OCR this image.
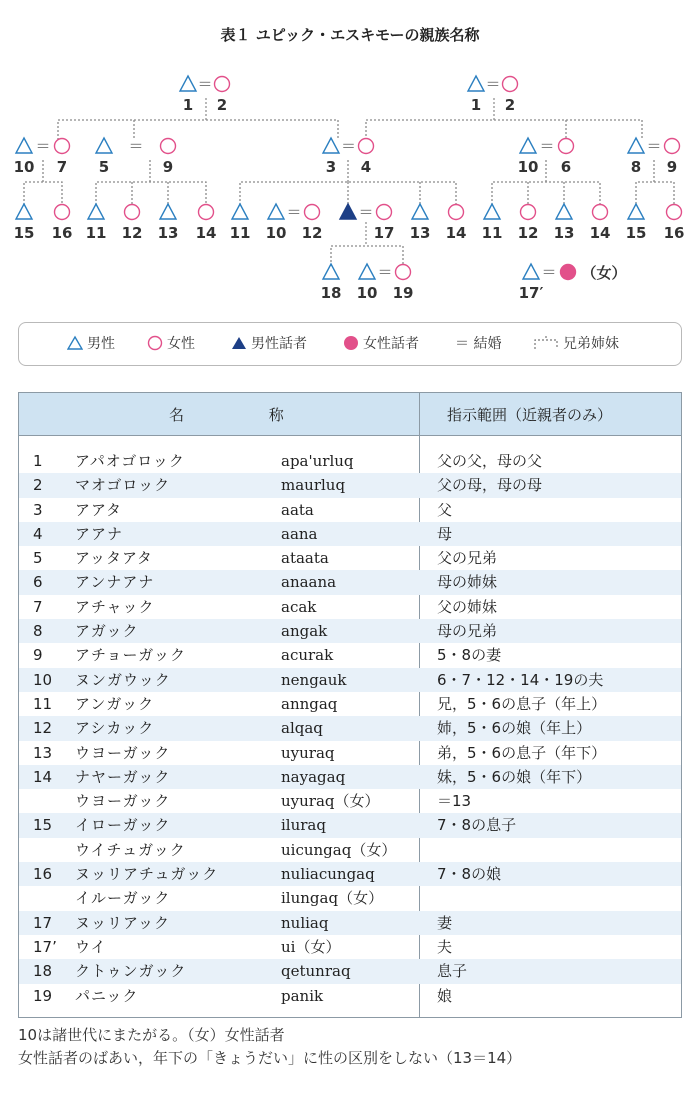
表１ ユピック・エスキモーの親族名称
＝
1 2
＝
1 2
＝
10 7
＝
5	9
＝
3 4
＝
10 6
＝
8 9
＝	＝
15 16 11 12 13 14 11 10 12	17 13 14 11 12 13 14 15 16
＝
18 10 19
＝
17′
（女）
男性	女性	男性話者	女性話者	＝ 結婚	兄弟姉妹
名 称	指示範囲（近親者のみ）
1 アパオゴロック	apa'urluq	父の父，母の父
2 マオゴロック	maurluq	父の母，母の母
3 アアタ	aata	父
4 アアナ	aana	母
5 アッタアタ	ataata	父の兄弟
6 アンナアナ	anaana	母の姉妹
7 アチャック	acak	父の姉妹
8 アガック	angak	母の兄弟
9 アチョーガック	acurak	5・8の妻
10 ヌンガウック	nengauk	6・7・12・14・19の夫
11 アンガック	anngaq	兄，5・6の息子（年上）
12 アシカック	alqaq	姉，5・6の娘（年上）
13 ウヨーガック	uyuraq	弟，5・6の息子（年下）
14 ナヤーガック	nayagaq	妹，5・6の娘（年下）
ウヨーガック	uyuraq（女）	＝13
15 イローガック	iluraq	7・8の息子
ウイチュガック	uicungaq（女）
16 ヌッリアチュガック	nuliacungaq	7・8の娘
イルーガック	ilungaq（女）
17 ヌッリアック	nuliaq	妻
17’ ウイ	ui（女）	夫
18 クトゥンガック	qetunraq	息子
19 パニック	panik	娘
10は諸世代にまたがる。（女）女性話者
女性話者のばあい，年下の「きょうだい」に性の区別をしない（13＝14）
